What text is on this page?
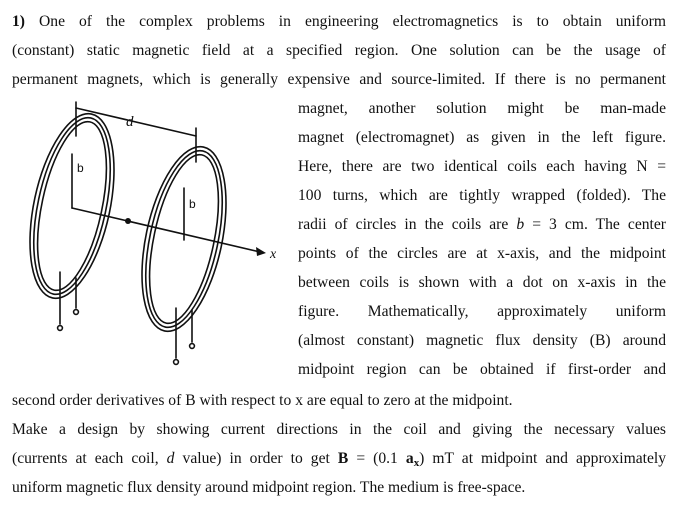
1) One of the complex problems in engineering electromagnetics is to obtain uniform
(constant) static magnetic field at a specified region. One solution can be the usage of
permanent magnets, which is generally expensive and source-limited. If there is no permanent
magnet, another solution might be man-made
magnet (electromagnet) as given in the left figure.
Here, there are two identical coils each having N =
100 turns, which are tightly wrapped (folded). The
radii of circles in the coils are b = 3 cm. The center
points of the circles are at x-axis, and the midpoint
between coils is shown with a dot on x-axis in the
figure. Mathematically, approximately uniform
(almost constant) magnetic flux density (B) around
midpoint region can be obtained if first-order and
second order derivatives of B with respect to x are equal to zero at the midpoint.
Make a design by showing current directions in the coil and giving the necessary values
(currents at each coil, d value) in order to get B = (0.1 $a_x$) mT at midpoint and approximately
uniform magnetic flux density around midpoint region. The medium is free-space.
d
b
b
x
